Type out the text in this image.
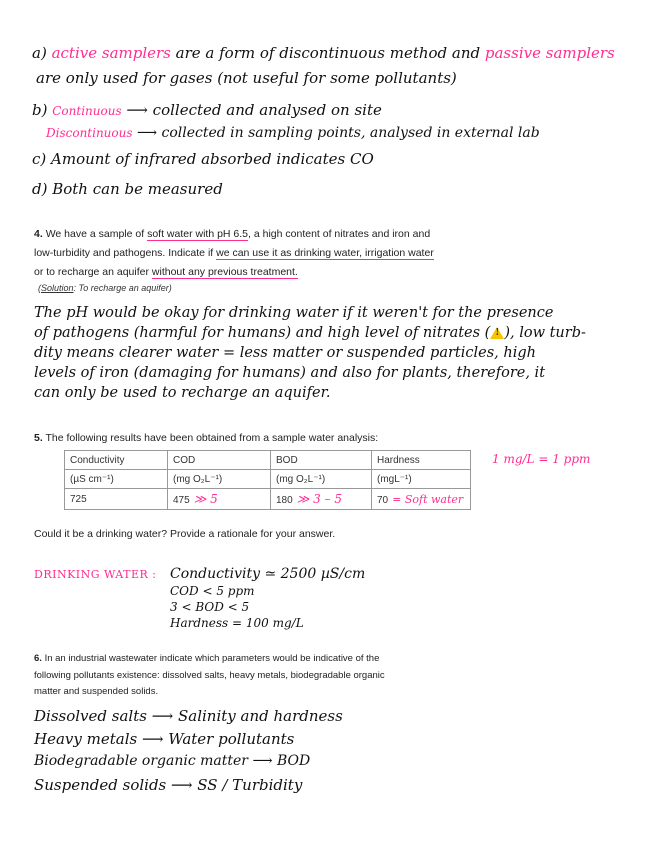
a) active samplers are a form of discontinuous method and passive samplers
are only used for gases (not useful for some pollutants)
b) Continuous ⟶ collected and analysed on site
Discontinuous ⟶ collected in sampling points, analysed in external lab
c) Amount of infrared absorbed indicates CO
d) Both can be measured
4. We have a sample of soft water with pH 6.5, a high content of nitrates and iron and
low-turbidity and pathogens. Indicate if we can use it as drinking water, irrigation water
or to recharge an aquifer without any previous treatment.
(Solution: To recharge an aquifer)
The pH would be okay for drinking water if it weren't for the presence
of pathogens (harmful for humans) and high level of nitrates ( ! ), low turb-
dity means clearer water = less matter or suspended particles, high
levels of iron (damaging for humans) and also for plants, therefore, it
can only be used to recharge an aquifer.
5. The following results have been obtained from a sample water analysis:
Conductivity	COD	BOD	Hardness
(µS cm⁻¹)	(mg O₂L⁻¹)	(mg O₂L⁻¹)	(mgL⁻¹)
725	475 ≫ 5	180 ≫ 3 – 5	70 = Soft water
1 mg/L = 1 ppm
Could it be a drinking water? Provide a rationale for your answer.
DRINKING WATER : Conductivity ≃ 2500 µS/cm
COD < 5 ppm
3 < BOD < 5
Hardness = 100 mg/L
6. In an industrial wastewater indicate which parameters would be indicative of the
following pollutants existence: dissolved salts, heavy metals, biodegradable organic
matter and suspended solids.
Dissolved salts ⟶ Salinity and hardness
Heavy metals ⟶ Water pollutants
Biodegradable organic matter ⟶ BOD
Suspended solids ⟶ SS / Turbidity
